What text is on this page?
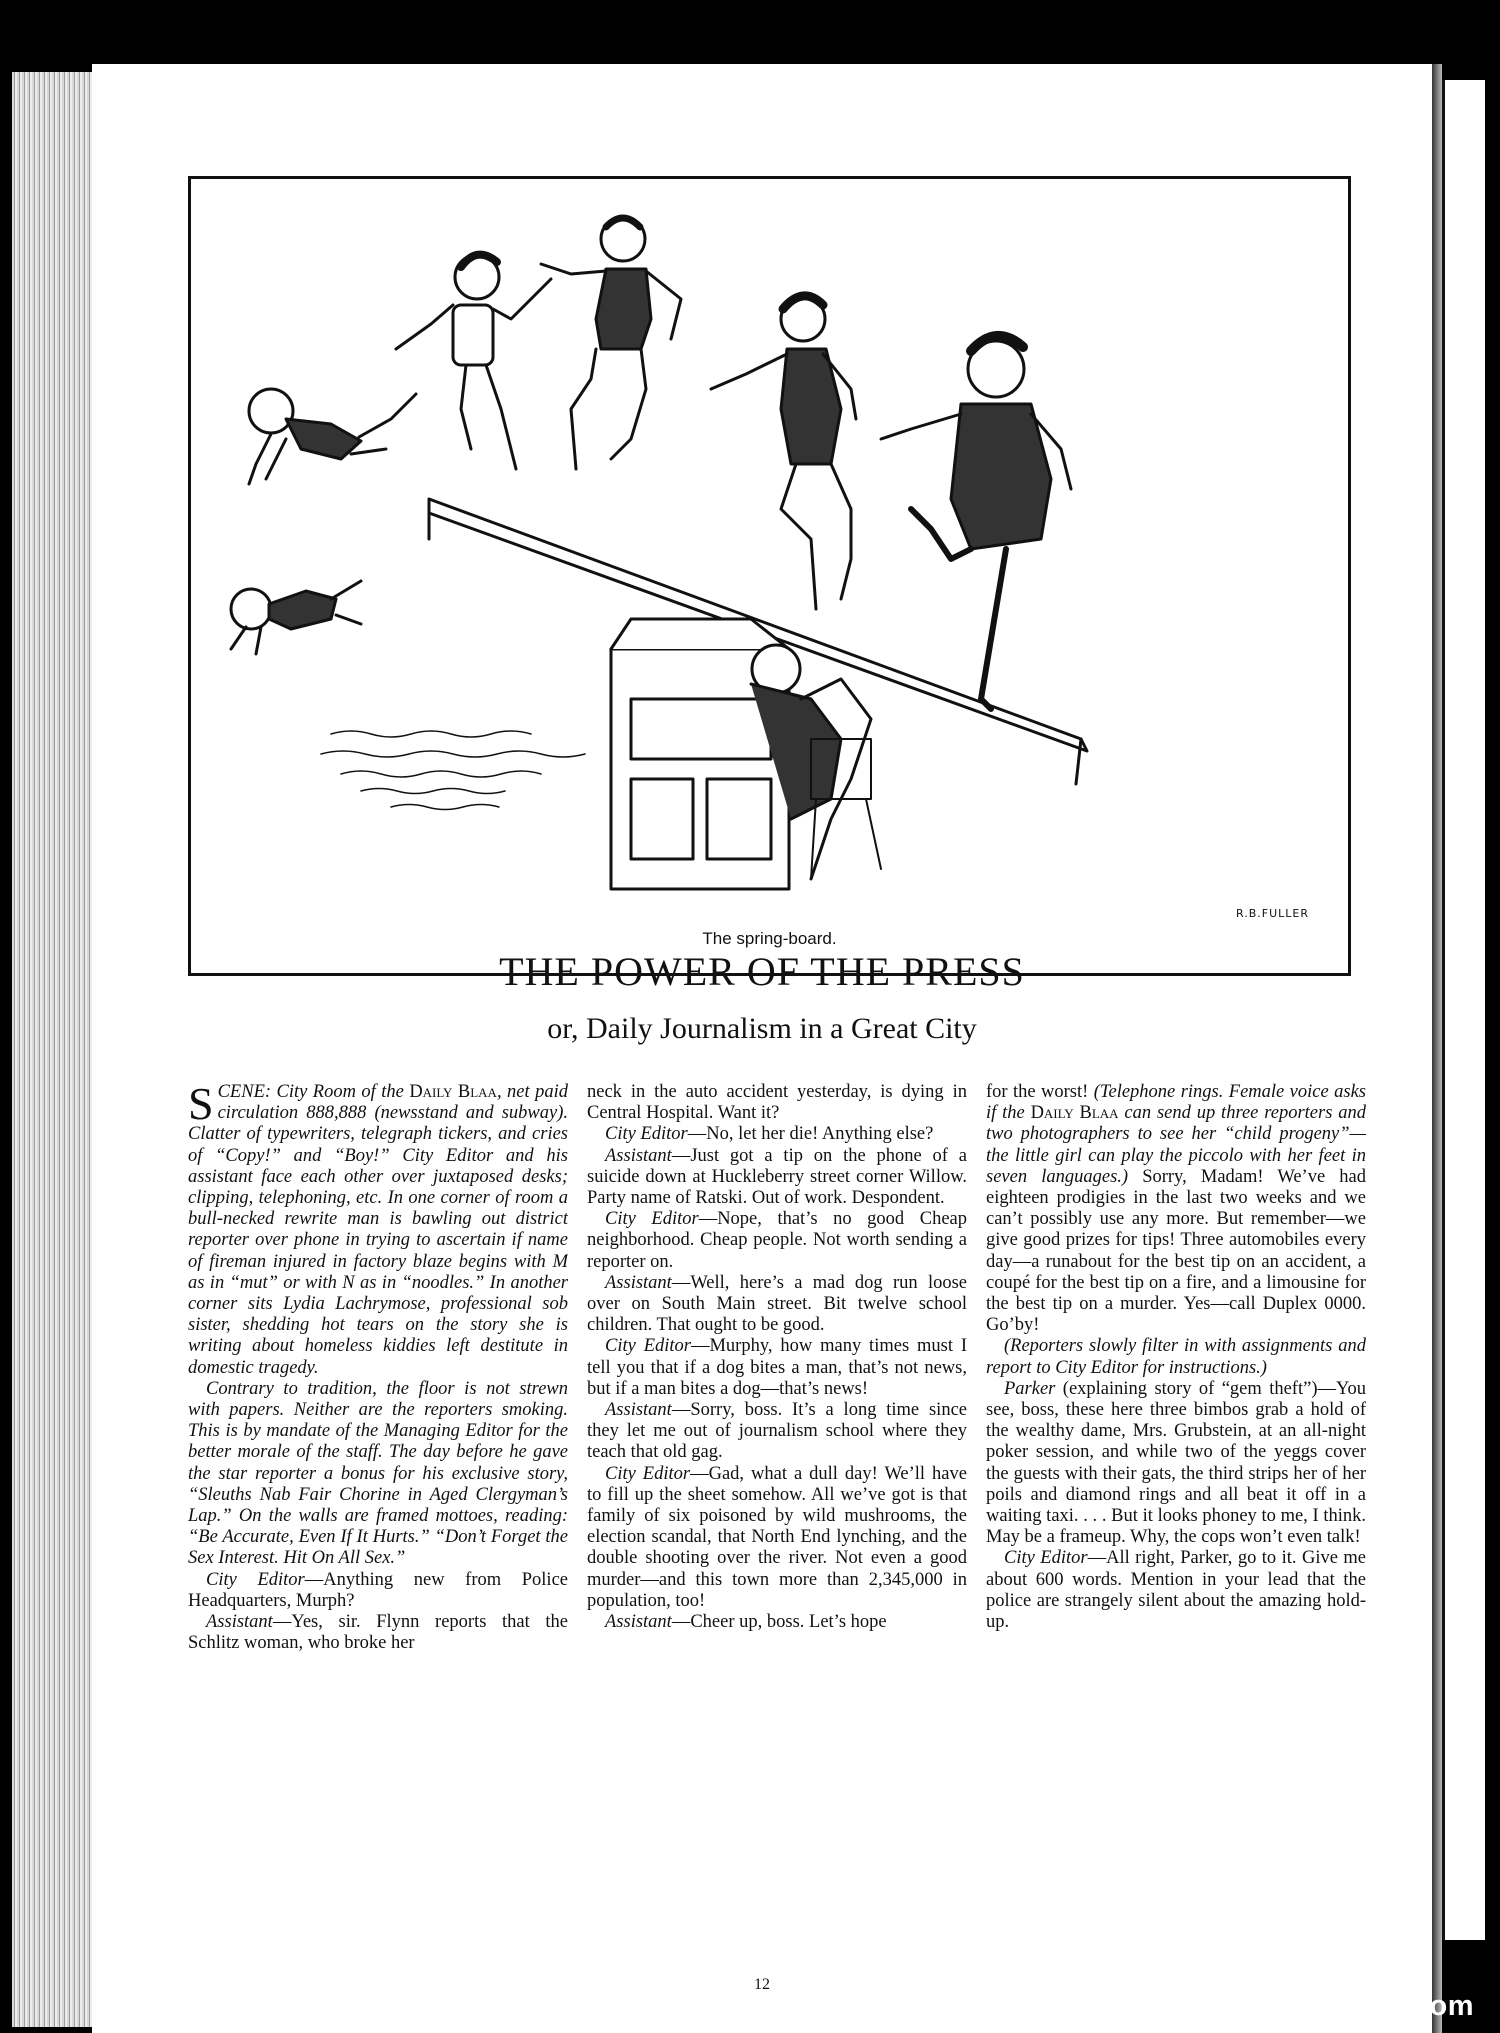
R.B.FULLER
The spring-board.
THE POWER OF THE PRESS
or, Daily Journalism in a Great City

SCENE: City Room of the Daily Blaa, net paid circulation 888,888 (newsstand and subway). Clatter of typewriters, telegraph tickers, and cries of “Copy!” and “Boy!” City Editor and his assistant face each other over juxtaposed desks; clipping, telephoning, etc. In one corner of room a bull-necked rewrite man is bawling out district reporter over phone in trying to ascertain if name of fireman injured in factory blaze begins with M as in “mut” or with N as in “noodles.” In another corner sits Lydia Lachrymose, professional sob sister, shedding hot tears on the story she is writing about homeless kiddies left destitute in domestic tragedy.

Contrary to tradition, the floor is not strewn with papers. Neither are the reporters smoking. This is by mandate of the Managing Editor for the better morale of the staff. The day before he gave the star reporter a bonus for his exclusive story, “Sleuths Nab Fair Chorine in Aged Clergyman’s Lap.” On the walls are framed mottoes, reading: “Be Accurate, Even If It Hurts.” “Don’t Forget the Sex Interest. Hit On All Sex.”

City Editor—Anything new from Police Headquarters, Murph?

Assistant—Yes, sir. Flynn reports that the Schlitz woman, who broke her

neck in the auto accident yesterday, is dying in Central Hospital. Want it?

City Editor—No, let her die! Anything else?

Assistant—Just got a tip on the phone of a suicide down at Huckleberry street corner Willow. Party name of Ratski. Out of work. Despondent.

City Editor—Nope, that’s no good Cheap neighborhood. Cheap people. Not worth sending a reporter on.

Assistant—Well, here’s a mad dog run loose over on South Main street. Bit twelve school children. That ought to be good.

City Editor—Murphy, how many times must I tell you that if a dog bites a man, that’s not news, but if a man bites a dog—that’s news!

Assistant—Sorry, boss. It’s a long time since they let me out of journalism school where they teach that old gag.

City Editor—Gad, what a dull day! We’ll have to fill up the sheet somehow. All we’ve got is that family of six poisoned by wild mushrooms, the election scandal, that North End lynching, and the double shooting over the river. Not even a good murder—and this town more than 2,345,000 in population, too!

Assistant—Cheer up, boss. Let’s hope

for the worst! (Telephone rings. Female voice asks if the Daily Blaa can send up three reporters and two photographers to see her “child progeny”—the little girl can play the piccolo with her feet in seven languages.) Sorry, Madam! We’ve had eighteen prodigies in the last two weeks and we can’t possibly use any more. But remember—we give good prizes for tips! Three automobiles every day—a runabout for the best tip on an accident, a coupé for the best tip on a fire, and a limousine for the best tip on a murder. Yes—call Duplex 0000. Go’by!

(Reporters slowly filter in with assignments and report to City Editor for instructions.)

Parker (explaining story of “gem theft”)—You see, boss, these here three bimbos grab a hold of the wealthy dame, Mrs. Grubstein, at an all-night poker session, and while two of the yeggs cover the guests with their gats, the third strips her of her poils and diamond rings and all beat it off in a waiting taxi. . . . But it looks phoney to me, I think. May be a frameup. Why, the cops won’t even talk!

City Editor—All right, Parker, go to it. Give me about 600 words. Mention in your lead that the police are strangely silent about the amazing hold-up.

12
comicbooks.com
